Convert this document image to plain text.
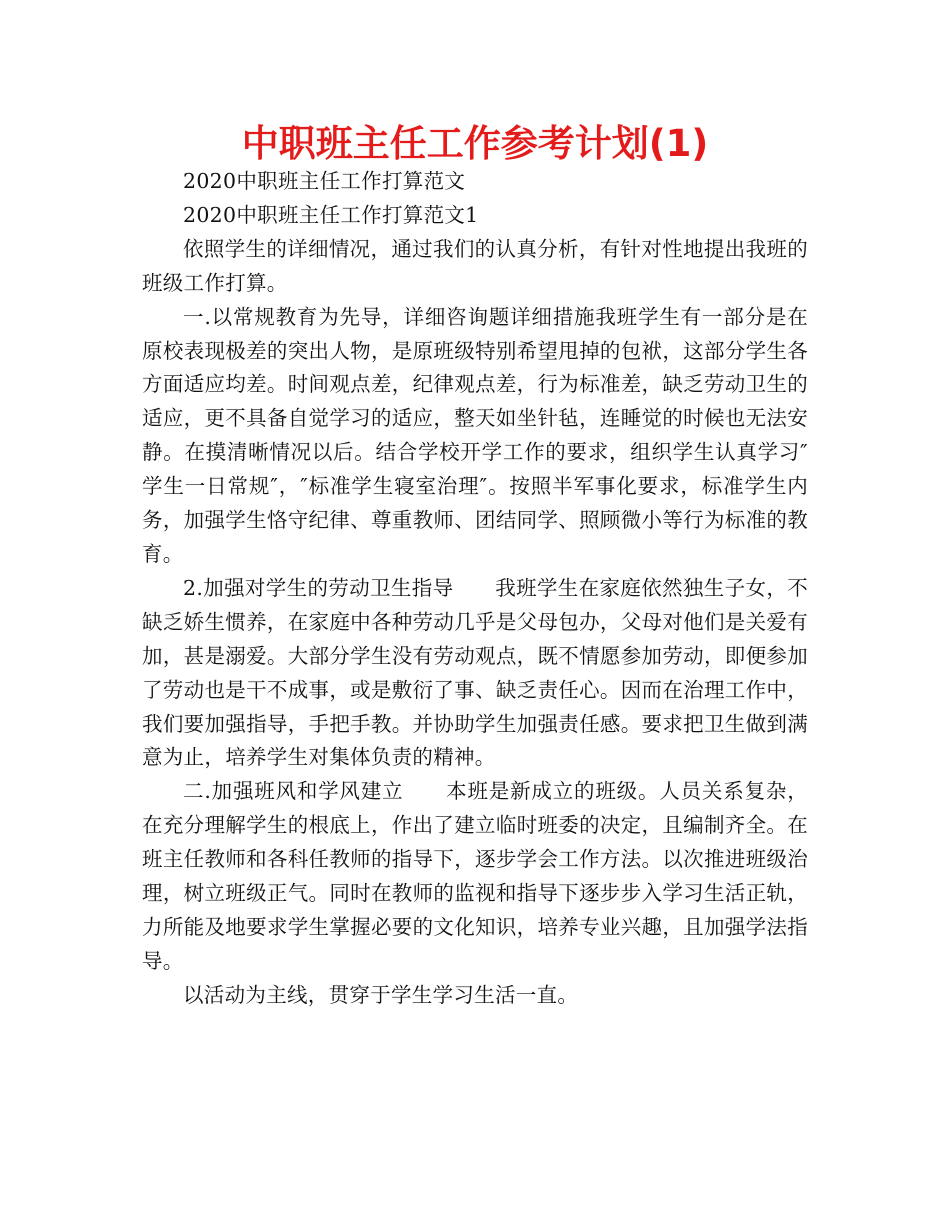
中职班主任工作参考计划(1)

2020中职班主任工作打算范文

2020中职班主任工作打算范文1

依照学生的详细情况，通过我们的认真分析，有针对性地提出我班的班级工作打算。

一.以常规教育为先导，详细咨询题详细措施我班学生有一部分是在原校表现极差的突出人物，是原班级特别希望甩掉的包袱，这部分学生各方面适应均差。时间观点差，纪律观点差，行为标准差，缺乏劳动卫生的适应，更不具备自觉学习的适应，整天如坐针毡，连睡觉的时候也无法安静。在摸清晰情况以后。结合学校开学工作的要求，组织学生认真学习″学生一日常规″，″标准学生寝室治理″。按照半军事化要求，标准学生内务，加强学生恪守纪律、尊重教师、团结同学、照顾微小等行为标准的教育。

2.加强对学生的劳动卫生指导　　我班学生在家庭依然独生子女，不缺乏娇生惯养，在家庭中各种劳动几乎是父母包办，父母对他们是关爱有加，甚是溺爱。大部分学生没有劳动观点，既不情愿参加劳动，即便参加了劳动也是干不成事，或是敷衍了事、缺乏责任心。因而在治理工作中，我们要加强指导，手把手教。并协助学生加强责任感。要求把卫生做到满意为止，培养学生对集体负责的精神。

二.加强班风和学风建立　　本班是新成立的班级。人员关系复杂，在充分理解学生的根底上，作出了建立临时班委的决定，且编制齐全。在班主任教师和各科任教师的指导下，逐步学会工作方法。以次推进班级治理，树立班级正气。同时在教师的监视和指导下逐步步入学习生活正轨，力所能及地要求学生掌握必要的文化知识，培养专业兴趣，且加强学法指导。

以活动为主线，贯穿于学生学习生活一直。
